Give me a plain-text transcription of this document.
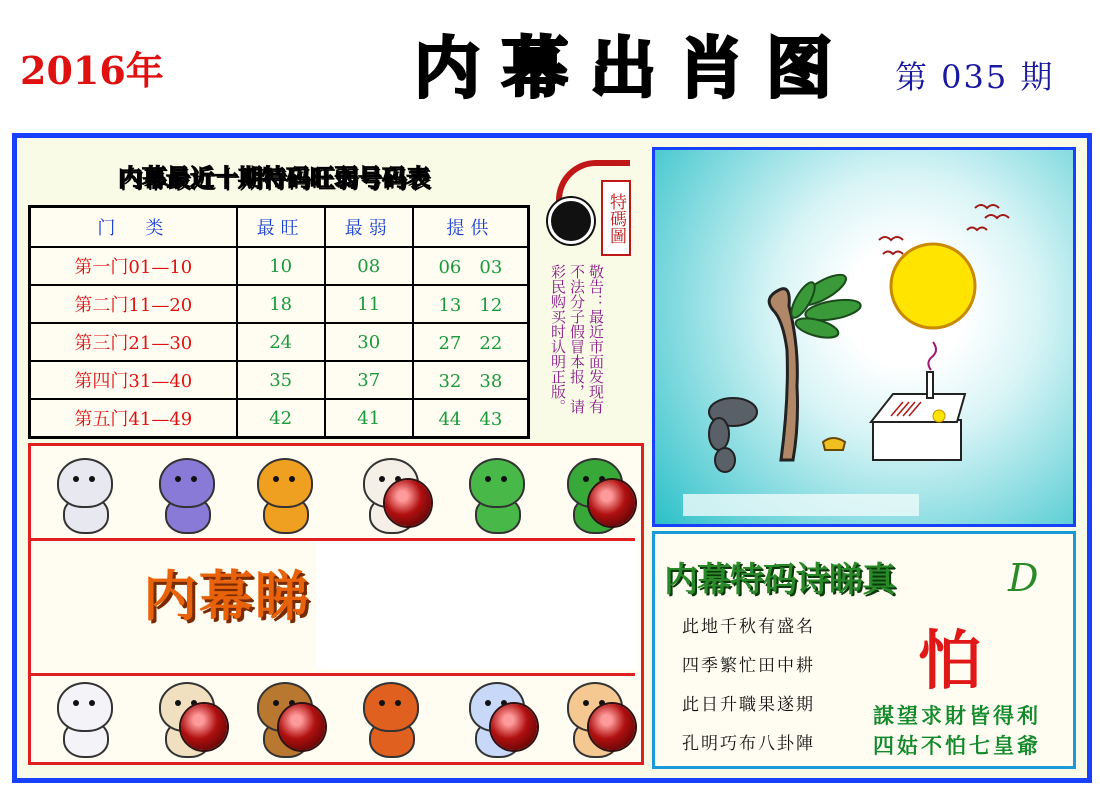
2016年	内 幕 出 肖 图 第 035 期
内幕最近十期特码旺弱号码表
门　类	最旺	最弱	提供
第一门01—10	10	08	06　03
第二门11—20	18	11	13　12
第三门21—30	24	30	27　22
第四门31—40	35	37	32　38
第五门41—49	42	41	44　43
特碼圖
敬告：最近市面发现有不法分子假冒本报，请彩民购买时认明正版。
内幕睇	内幕特码诗睇真	D
此地千秋有盛名
四季繁忙田中耕
此日升職果遂期
孔明巧布八卦陣
怕
謀望求財皆得利
四姑不怕七皇爺
